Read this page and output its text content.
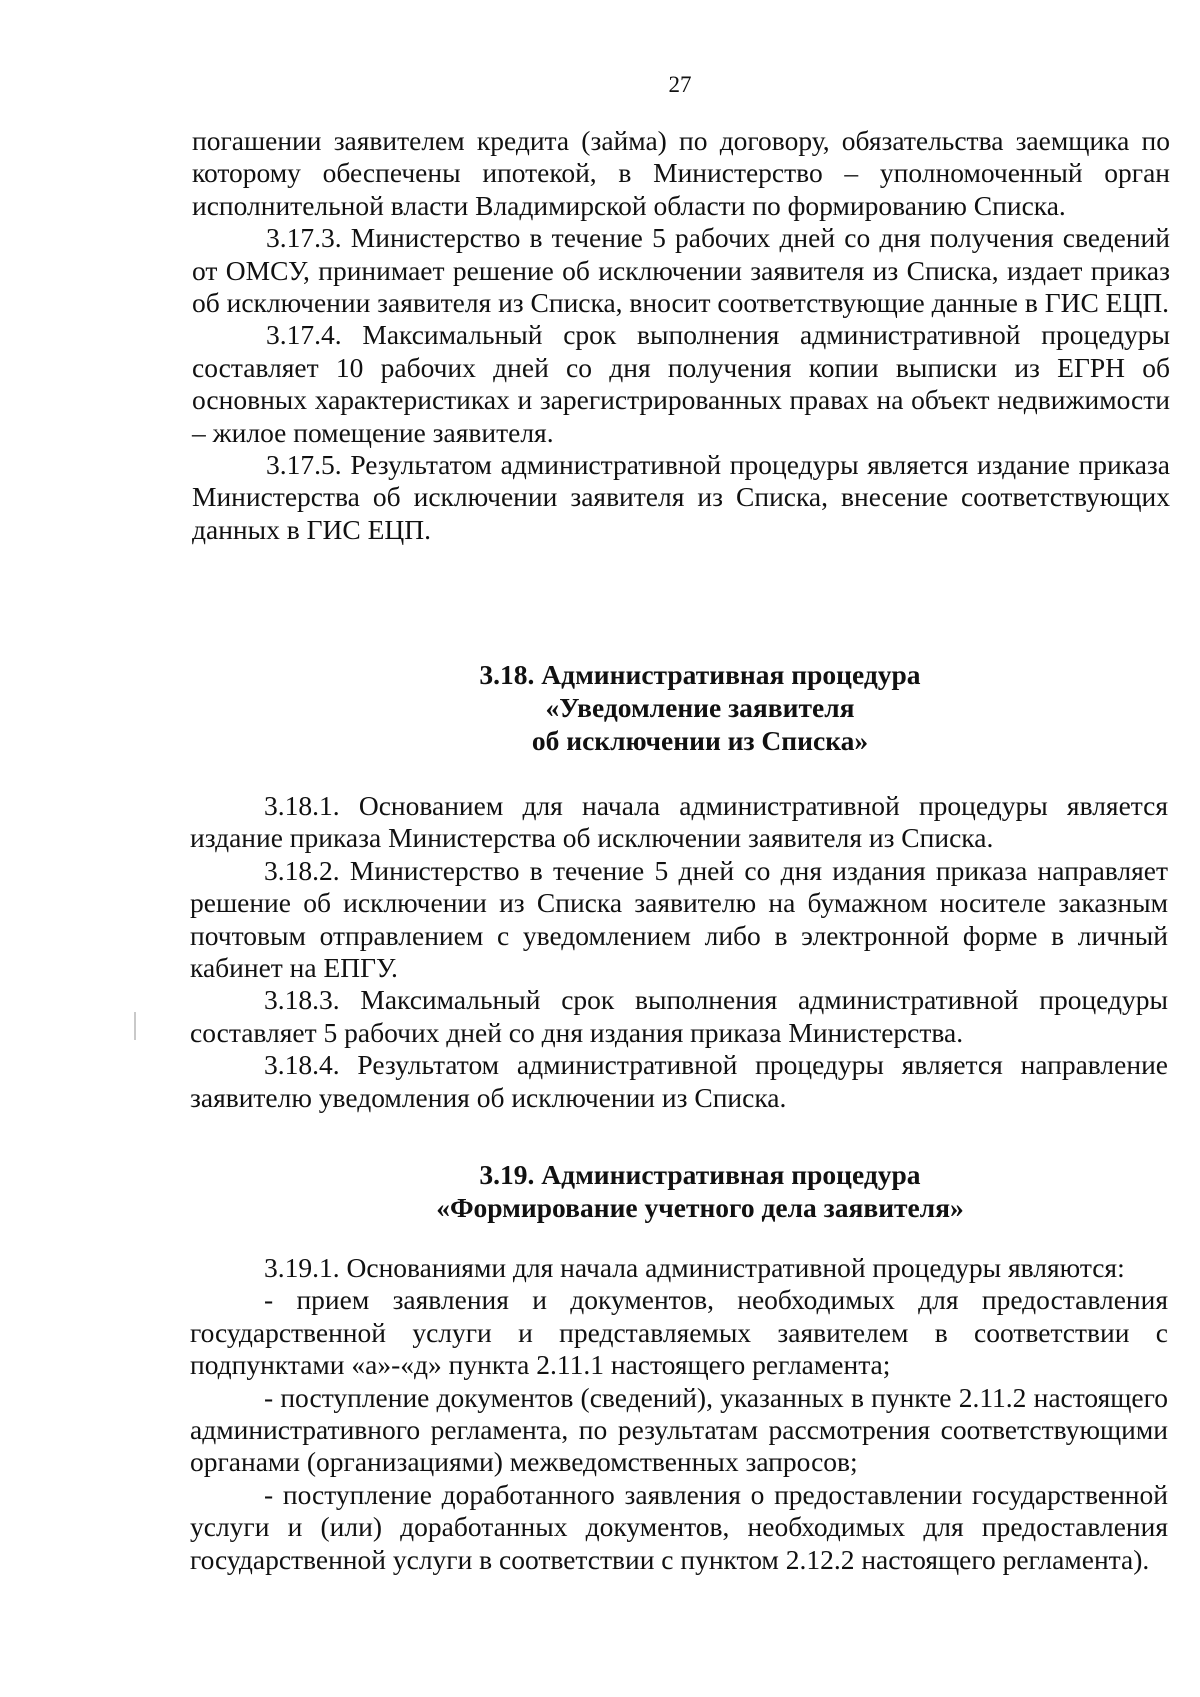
27

погашении заявителем кредита (займа) по договору, обязательства заемщика по которому обеспечены ипотекой, в Министерство – уполномоченный орган исполнительной власти Владимирской области по формированию Списка.

3.17.3. Министерство в течение 5 рабочих дней со дня получения сведений от ОМСУ, принимает решение об исключении заявителя из Списка, издает приказ об исключении заявителя из Списка, вносит соответствующие данные в ГИС ЕЦП.

3.17.4. Максимальный срок выполнения административной процедуры составляет 10 рабочих дней со дня получения копии выписки из ЕГРН об основных характеристиках и зарегистрированных правах на объект недвижимости – жилое помещение заявителя.

3.17.5. Результатом административной процедуры является издание приказа Министерства об исключении заявителя из Списка, внесение соответствующих данных в ГИС ЕЦП.

3.18. Административная процедура
«Уведомление заявителя
об исключении из Списка»

3.18.1. Основанием для начала административной процедуры является издание приказа Министерства об исключении заявителя из Списка.

3.18.2. Министерство в течение 5 дней со дня издания приказа направляет решение об исключении из Списка заявителю на бумажном носителе заказным почтовым отправлением с уведомлением либо в электронной форме в личный кабинет на ЕПГУ.

3.18.3. Максимальный срок выполнения административной процедуры составляет 5 рабочих дней со дня издания приказа Министерства.

3.18.4. Результатом административной процедуры является направление заявителю уведомления об исключении из Списка.

3.19. Административная процедура
«Формирование учетного дела заявителя»

3.19.1. Основаниями для начала административной процедуры являются:

- прием заявления и документов, необходимых для предоставления государственной услуги и представляемых заявителем в соответствии с подпунктами «а»-«д» пункта 2.11.1 настоящего регламента;

- поступление документов (сведений), указанных в пункте 2.11.2 настоящего административного регламента, по результатам рассмотрения соответствующими органами (организациями) межведомственных запросов;

- поступление доработанного заявления о предоставлении государственной услуги и (или) доработанных документов, необходимых для предоставления государственной услуги в соответствии с пунктом 2.12.2 настоящего регламента).
